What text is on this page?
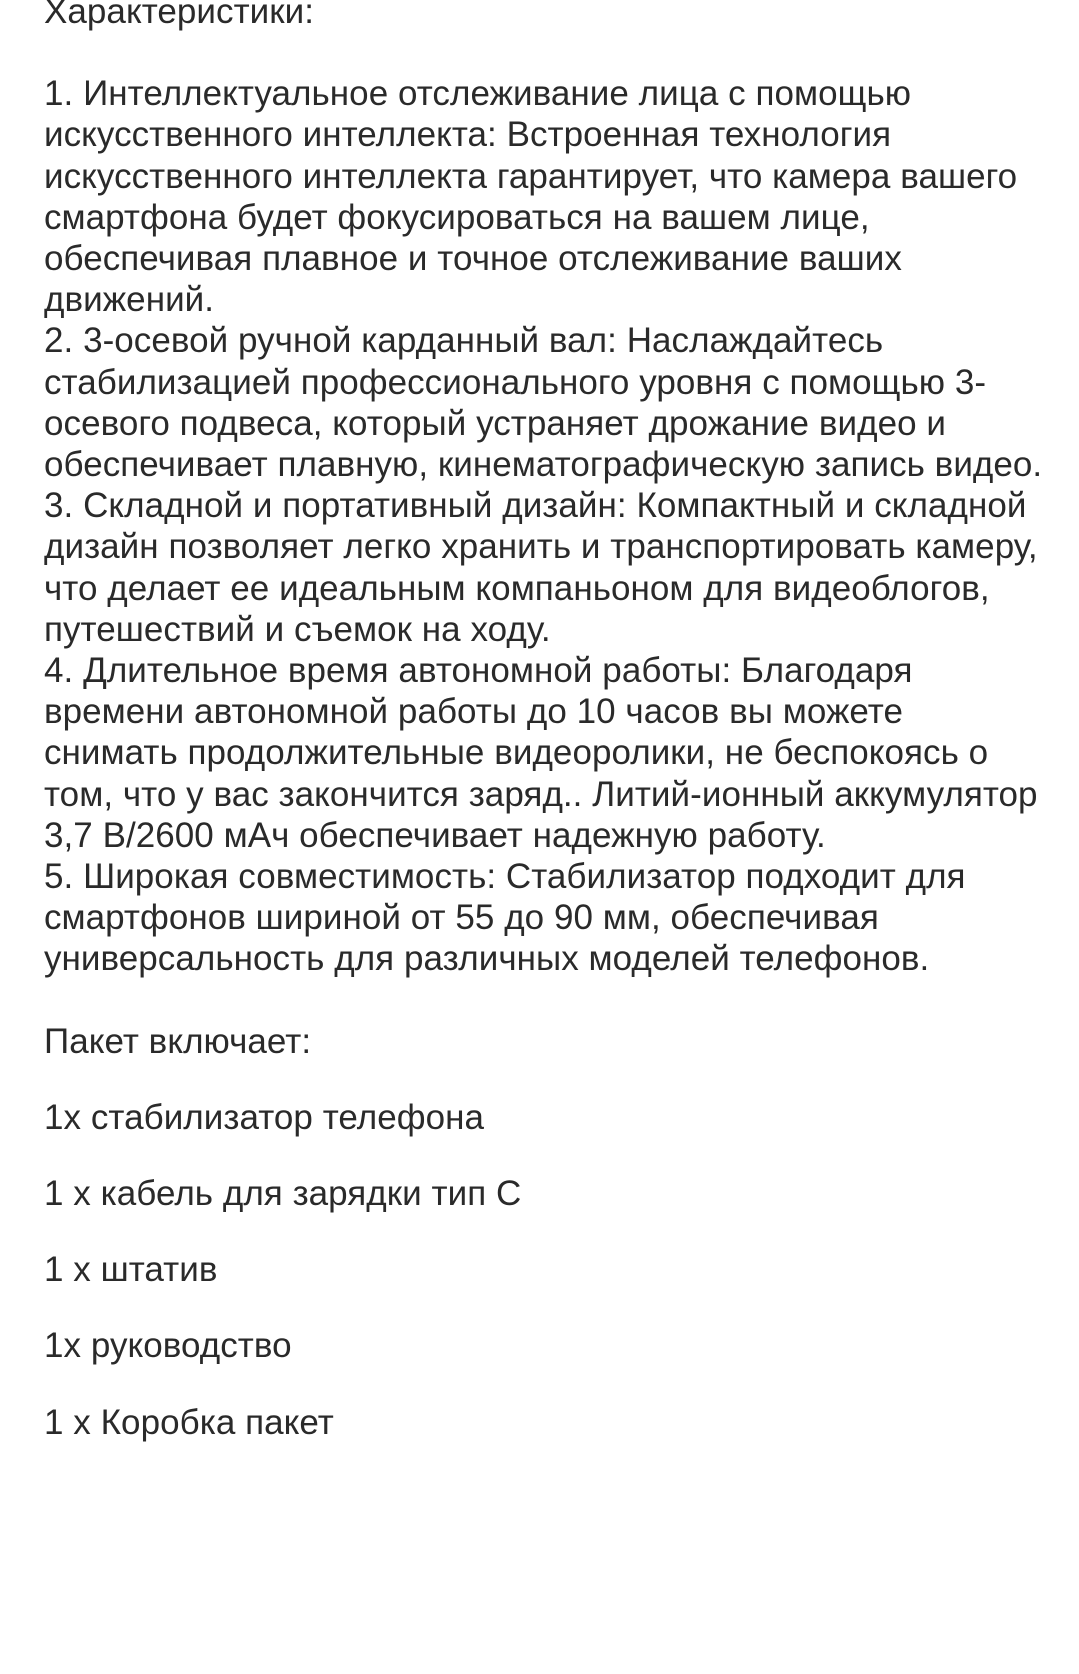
Характеристики:

1. Интеллектуальное отслеживание лица с помощью искусственного интеллекта: Встроенная технология искусственного интеллекта гарантирует, что камера вашего смартфона будет фокусироваться на вашем лице, обеспечивая плавное и точное отслеживание ваших движений.
2. 3-осевой ручной карданный вал: Наслаждайтесь стабилизацией профессионального уровня с помощью 3-осевого подвеса, который устраняет дрожание видео и обеспечивает плавную, кинематографическую запись видео.
3. Складной и портативный дизайн: Компактный и складной дизайн позволяет легко хранить и транспортировать камеру, что делает ее идеальным компаньоном для видеоблогов, путешествий и съемок на ходу.
4. Длительное время автономной работы: Благодаря времени автономной работы до 10 часов вы можете снимать продолжительные видеоролики, не беспокоясь о том, что у вас закончится заряд.. Литий-ионный аккумулятор 3,7 В/2600 мАч обеспечивает надежную работу.
5. Широкая совместимость: Стабилизатор подходит для смартфонов шириной от 55 до 90 мм, обеспечивая универсальность для различных моделей телефонов.

Пакет включает:

1x стабилизатор телефона
1 x кабель для зарядки тип C
1 x штатив
1x руководство
1 x Коробка пакет
